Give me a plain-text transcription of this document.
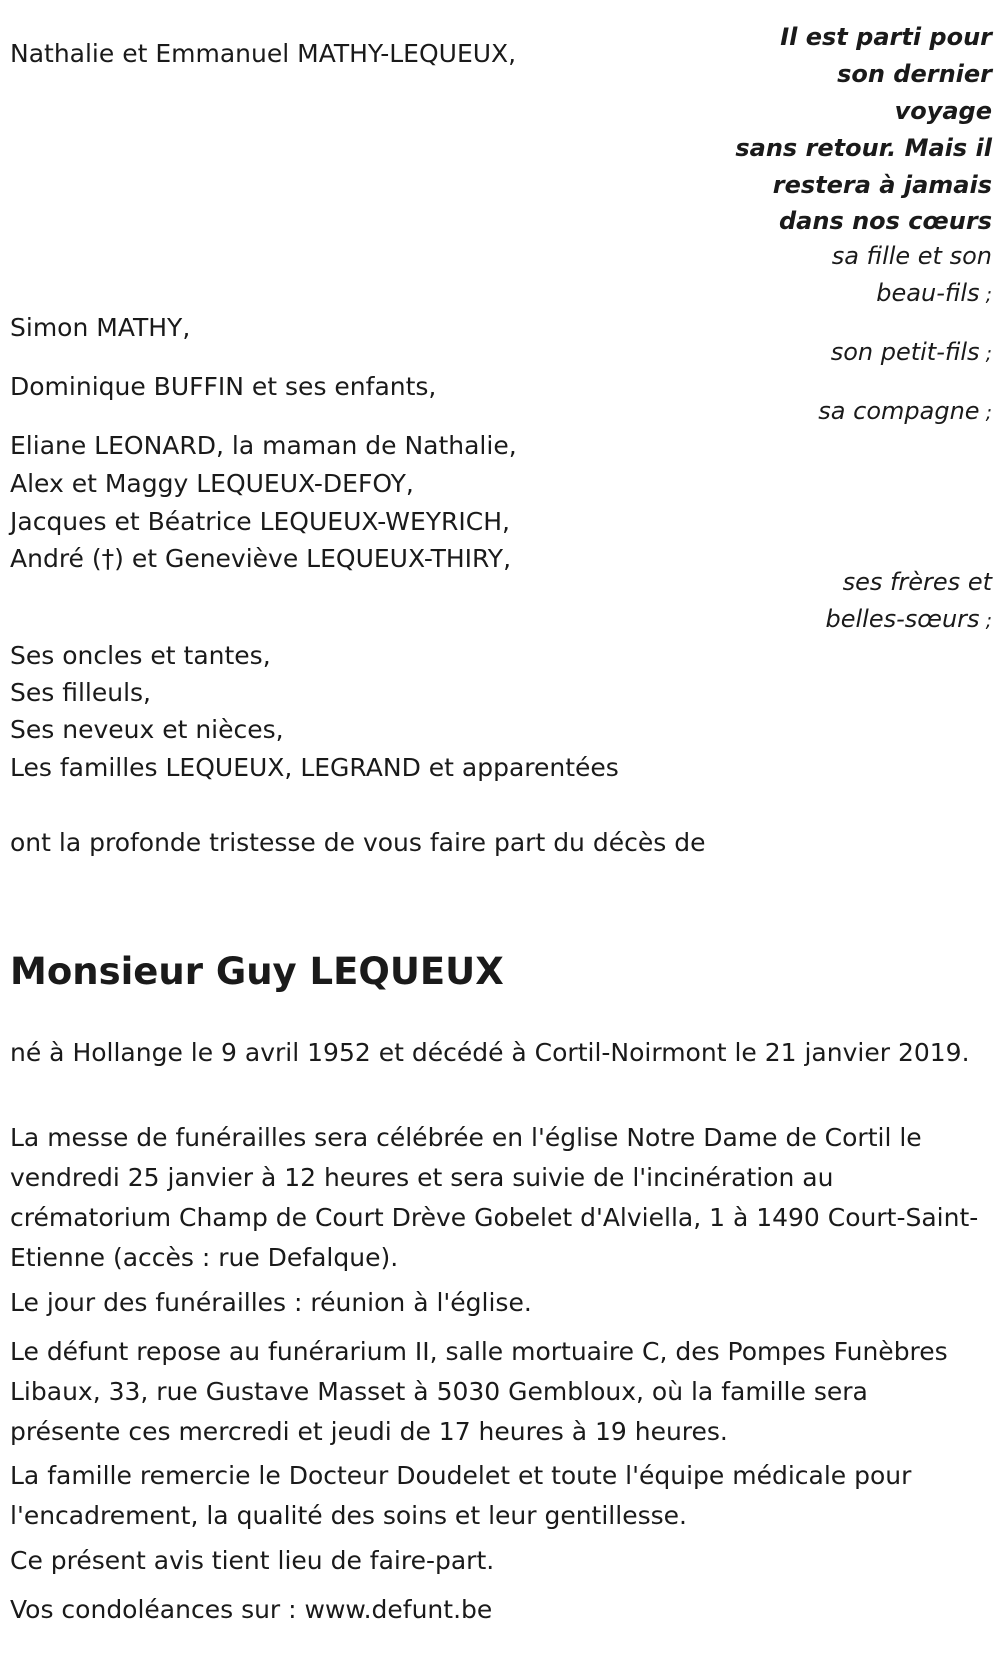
Il est parti pour
son dernier
voyage
sans retour. Mais il
restera à jamais
dans nos cœurs
Nathalie et Emmanuel MATHY-LEQUEUX,
sa fille et son
beau-fils ;
Simon MATHY,
son petit-fils ;
Dominique BUFFIN et ses enfants,
sa compagne ;
Eliane LEONARD, la maman de Nathalie,
Alex et Maggy LEQUEUX-DEFOY,
Jacques et Béatrice LEQUEUX-WEYRICH,
André (†) et Geneviève LEQUEUX-THIRY,
ses frères et
belles-sœurs ;
Ses oncles et tantes,
Ses filleuls,
Ses neveux et nièces,
Les familles LEQUEUX, LEGRAND et apparentées
ont la profonde tristesse de vous faire part du décès de
Monsieur Guy LEQUEUX
né à Hollange le 9 avril 1952 et décédé à Cortil-Noirmont le 21 janvier 2019.
La messe de funérailles sera célébrée en l'église Notre Dame de Cortil le vendredi 25 janvier à 12 heures et sera suivie de l'incinération au crématorium Champ de Court Drève Gobelet d'Alviella, 1 à 1490 Court-Saint-Etienne (accès : rue Defalque).
Le jour des funérailles : réunion à l'église.
Le défunt repose au funérarium II, salle mortuaire C, des Pompes Funèbres Libaux, 33, rue Gustave Masset à 5030 Gembloux, où la famille sera présente ces mercredi et jeudi de 17 heures à 19 heures.
La famille remercie le Docteur Doudelet et toute l'équipe médicale pour l'encadrement, la qualité des soins et leur gentillesse.
Ce présent avis tient lieu de faire-part.
Vos condoléances sur : www.defunt.be
